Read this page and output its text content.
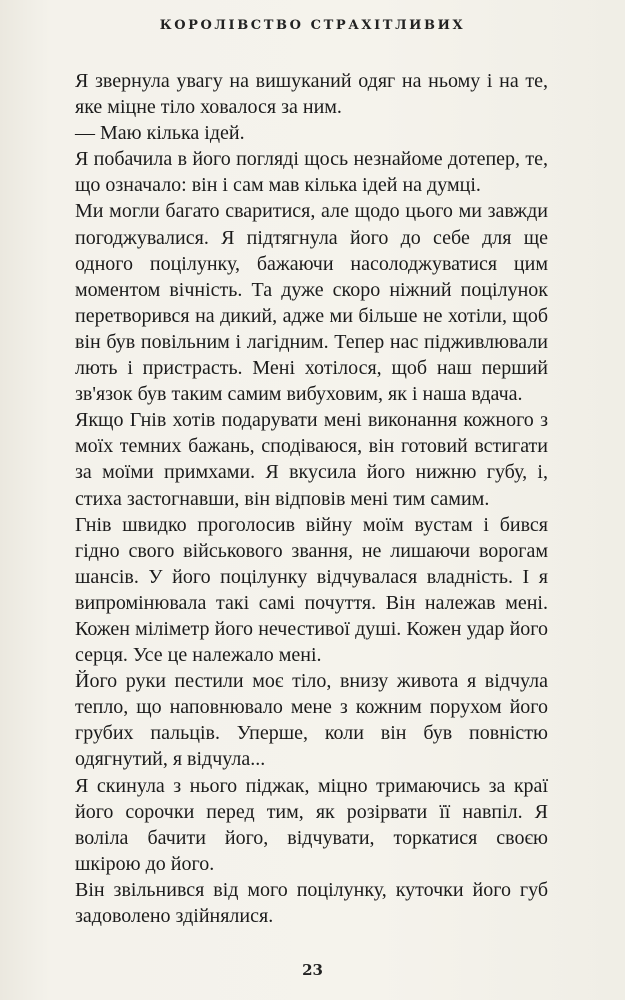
КОРОЛІВСТВО СТРАХІТЛИВИХ

Я звернула увагу на вишуканий одяг на ньому і на те, яке міцне тіло ховалося за ним.

— Маю кілька ідей.

Я побачила в його погляді щось незнайоме дотепер, те, що означало: він і сам мав кілька ідей на думці.

Ми могли багато сваритися, але щодо цього ми завжди погоджувалися. Я підтягнула його до себе для ще одного поцілунку, бажаючи насолоджуватися цим моментом вічність. Та дуже скоро ніжний поцілунок перетворився на дикий, адже ми більше не хотіли, щоб він був повільним і лагідним. Тепер нас підживлювали лють і пристрасть. Мені хотілося, щоб наш перший зв'язок був таким самим вибуховим, як і наша вдача.

Якщо Гнів хотів подарувати мені виконання кожного з моїх темних бажань, сподіваюся, він готовий встигати за моїми примхами. Я вкусила його нижню губу, і, стиха застогнавши, він відповів мені тим самим.

Гнів швидко проголосив війну моїм вустам і бився гідно свого військового звання, не лишаючи ворогам шансів. У його поцілунку відчувалася владність. І я випромінювала такі самі почуття. Він належав мені. Кожен міліметр його нечестивої душі. Кожен удар його серця. Усе це належало мені.

Його руки пестили моє тіло, внизу живота я відчула тепло, що наповнювало мене з кожним порухом його грубих пальців. Уперше, коли він був повністю одягнутий, я відчула...

Я скинула з нього піджак, міцно тримаючись за краї його сорочки перед тим, як розірвати її навпіл. Я воліла бачити його, відчувати, торкатися своєю шкірою до його.

Він звільнився від мого поцілунку, куточки його губ задоволено здійнялися.

23
